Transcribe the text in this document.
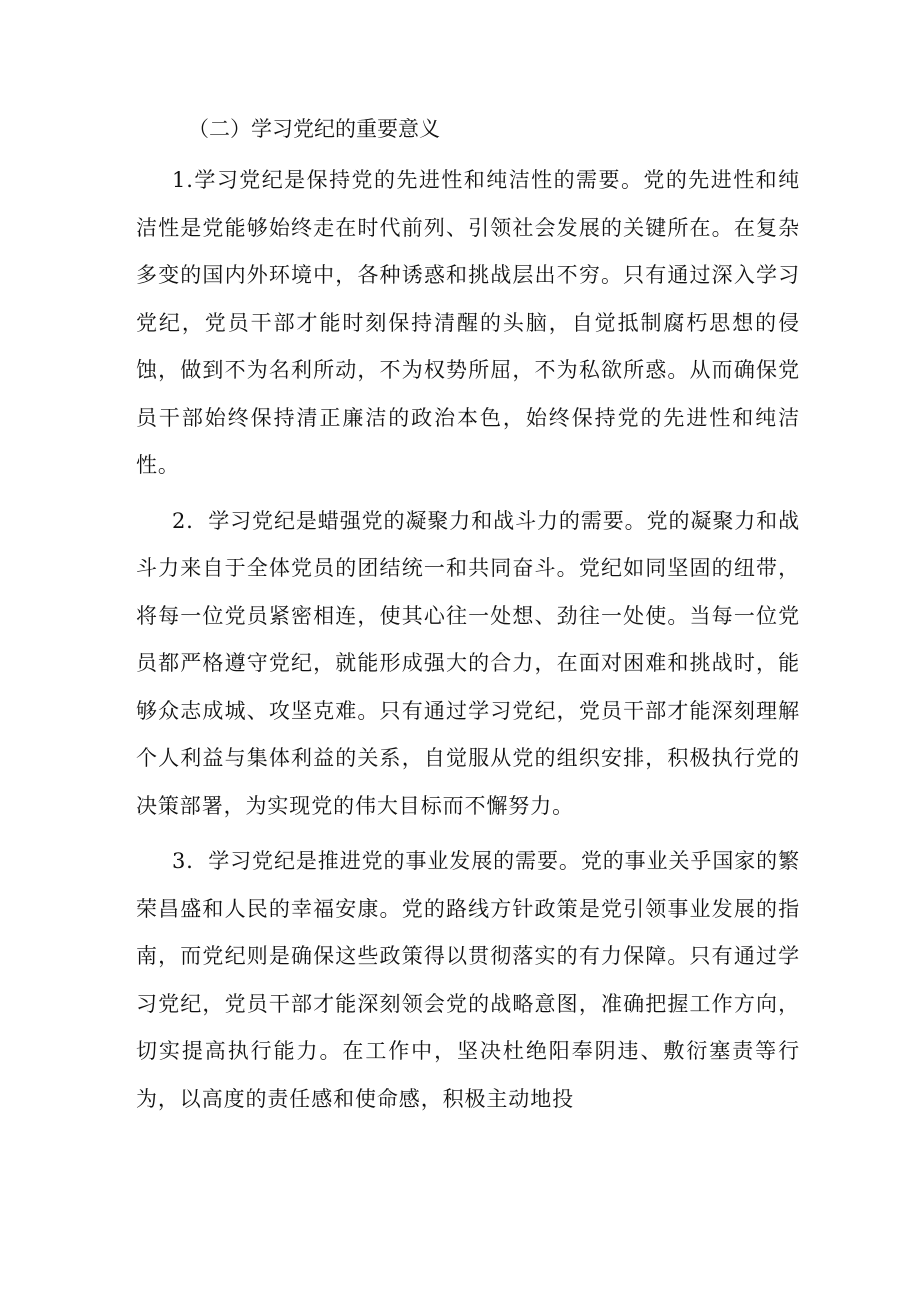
（二）学习党纪的重要意义

1.学习党纪是保持党的先进性和纯洁性的需要。党的先进性和纯洁性是党能够始终走在时代前列、引领社会发展的关键所在。在复杂多变的国内外环境中，各种诱惑和挑战层出不穷。只有通过深入学习党纪，党员干部才能时刻保持清醒的头脑，自觉抵制腐朽思想的侵蚀，做到不为名利所动，不为权势所屈，不为私欲所惑。从而确保党员干部始终保持清正廉洁的政治本色，始终保持党的先进性和纯洁性。

2．学习党纪是蜡强党的凝聚力和战斗力的需要。党的凝聚力和战斗力来自于全体党员的团结统一和共同奋斗。党纪如同坚固的纽带，将每一位党员紧密相连，使其心往一处想、劲往一处使。当每一位党员都严格遵守党纪，就能形成强大的合力，在面对困难和挑战时，能够众志成城、攻坚克难。只有通过学习党纪，党员干部才能深刻理解个人利益与集体利益的关系，自觉服从党的组织安排，积极执行党的决策部署，为实现党的伟大目标而不懈努力。

3．学习党纪是推进党的事业发展的需要。党的事业关乎国家的繁荣昌盛和人民的幸福安康。党的路线方针政策是党引领事业发展的指南，而党纪则是确保这些政策得以贯彻落实的有力保障。只有通过学习党纪，党员干部才能深刻领会党的战略意图，准确把握工作方向，切实提高执行能力。在工作中，坚决杜绝阳奉阴违、敷衍塞责等行为，以高度的责任感和使命感，积极主动地投
